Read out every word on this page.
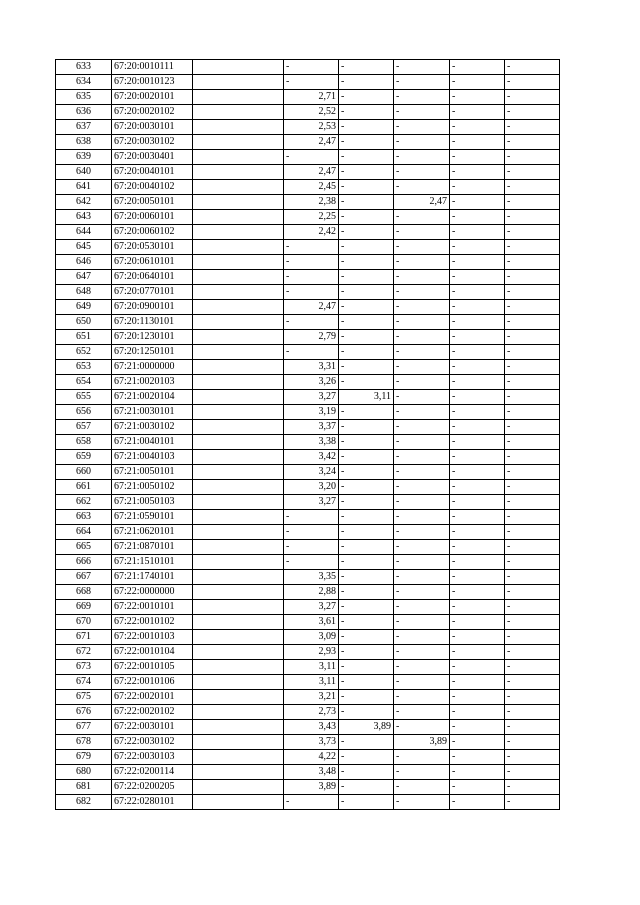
633	67:20:0010111		-	-	-	-	-
634	67:20:0010123		-	-	-	-	-
635	67:20:0020101		2,71	-	-	-	-
636	67:20:0020102		2,52	-	-	-	-
637	67:20:0030101		2,53	-	-	-	-
638	67:20:0030102		2,47	-	-	-	-
639	67:20:0030401		-	-	-	-	-
640	67:20:0040101		2,47	-	-	-	-
641	67:20:0040102		2,45	-	-	-	-
642	67:20:0050101		2,38	-	2,47	-	-
643	67:20:0060101		2,25	-	-	-	-
644	67:20:0060102		2,42	-	-	-	-
645	67:20:0530101		-	-	-	-	-
646	67:20:0610101		-	-	-	-	-
647	67:20:0640101		-	-	-	-	-
648	67:20:0770101		-	-	-	-	-
649	67:20:0900101		2,47	-	-	-	-
650	67:20:1130101		-	-	-	-	-
651	67:20:1230101		2,79	-	-	-	-
652	67:20:1250101		-	-	-	-	-
653	67:21:0000000		3,31	-	-	-	-
654	67:21:0020103		3,26	-	-	-	-
655	67:21:0020104		3,27	3,11	-	-	-
656	67:21:0030101		3,19	-	-	-	-
657	67:21:0030102		3,37	-	-	-	-
658	67:21:0040101		3,38	-	-	-	-
659	67:21:0040103		3,42	-	-	-	-
660	67:21:0050101		3,24	-	-	-	-
661	67:21:0050102		3,20	-	-	-	-
662	67:21:0050103		3,27	-	-	-	-
663	67:21:0590101		-	-	-	-	-
664	67:21:0620101		-	-	-	-	-
665	67:21:0870101		-	-	-	-	-
666	67:21:1510101		-	-	-	-	-
667	67:21:1740101		3,35	-	-	-	-
668	67:22:0000000		2,88	-	-	-	-
669	67:22:0010101		3,27	-	-	-	-
670	67:22:0010102		3,61	-	-	-	-
671	67:22:0010103		3,09	-	-	-	-
672	67:22:0010104		2,93	-	-	-	-
673	67:22:0010105		3,11	-	-	-	-
674	67:22:0010106		3,11	-	-	-	-
675	67:22:0020101		3,21	-	-	-	-
676	67:22:0020102		2,73	-	-	-	-
677	67:22:0030101		3,43	3,89	-	-	-
678	67:22:0030102		3,73	-	3,89	-	-
679	67:22:0030103		4,22	-	-	-	-
680	67:22:0200114		3,48	-	-	-	-
681	67:22:0200205		3,89	-	-	-	-
682	67:22:0280101		-	-	-	-	-
